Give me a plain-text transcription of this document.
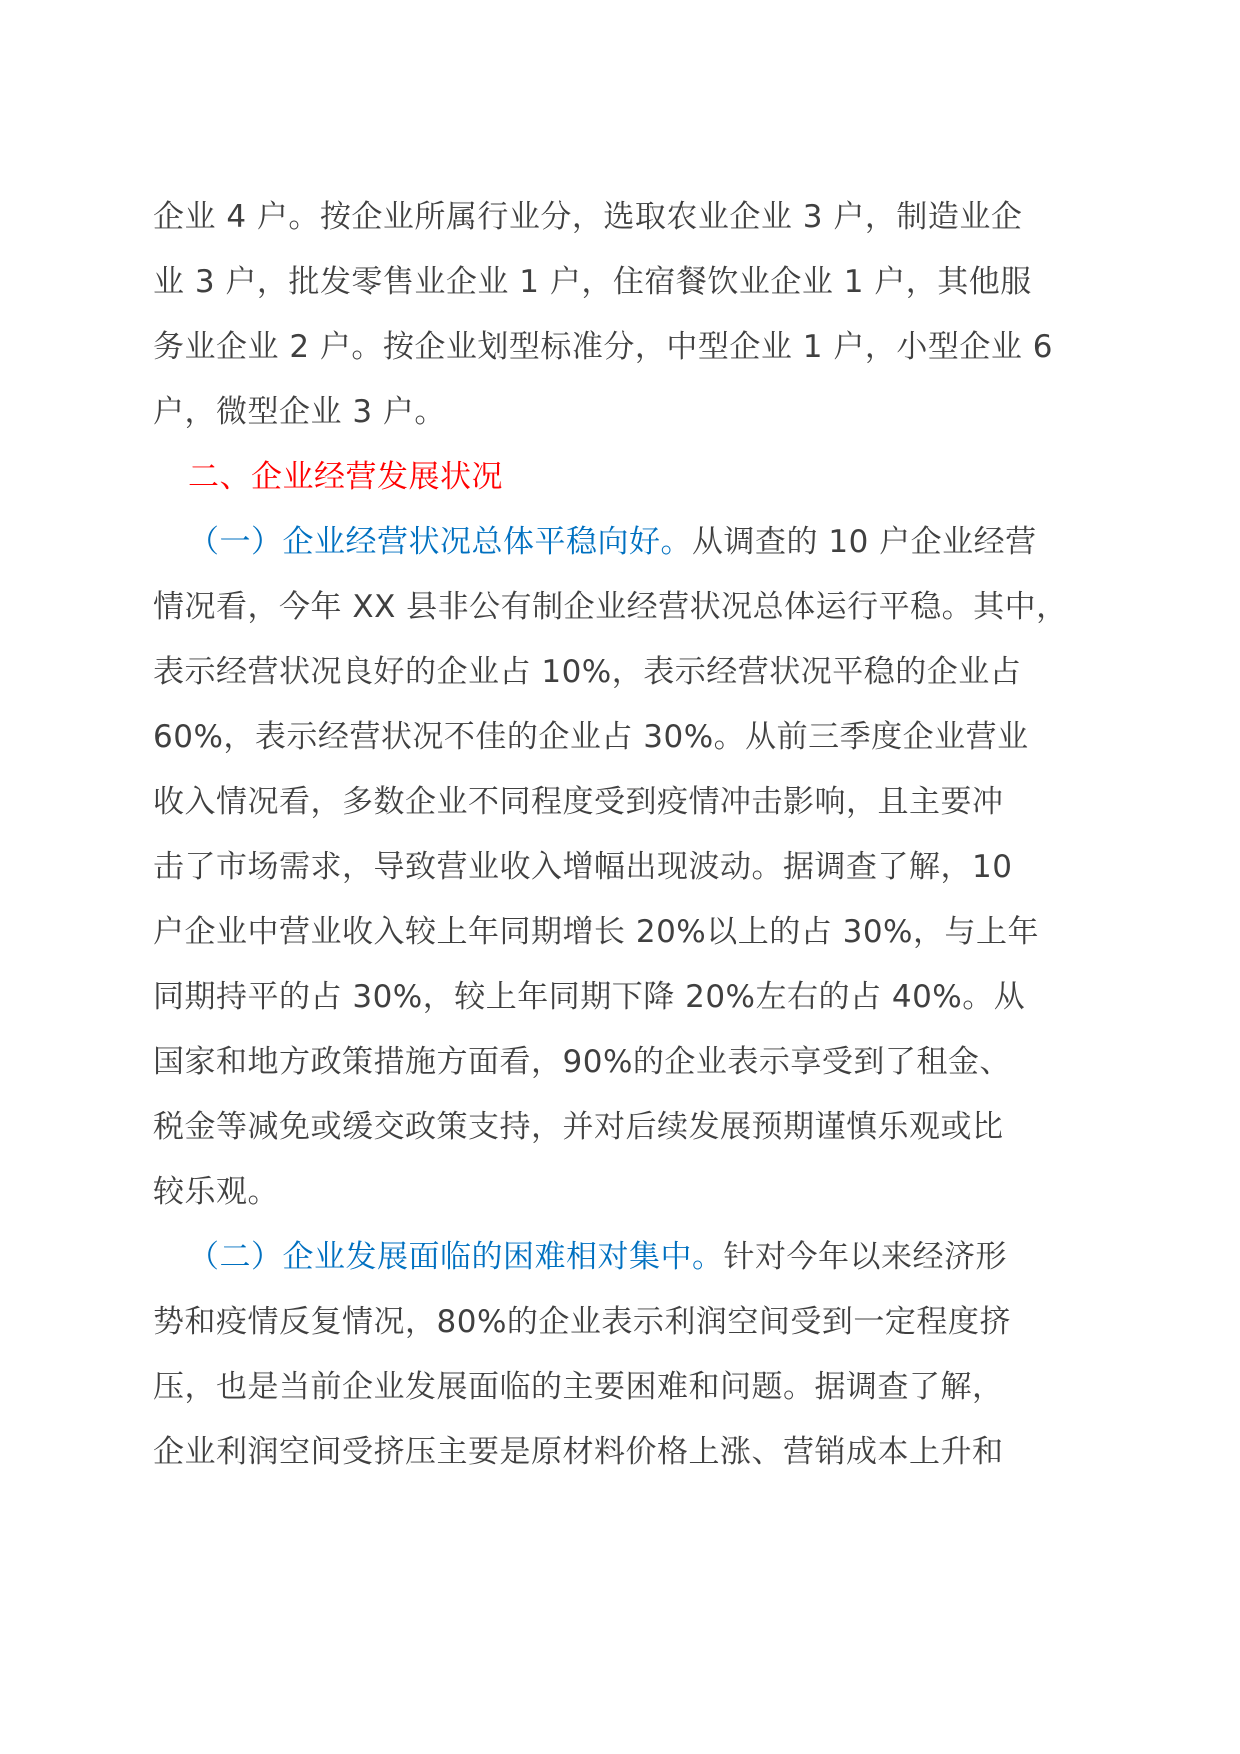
企业 4 户。按企业所属行业分，选取农业企业 3 户，制造业企
业 3 户，批发零售业企业 1 户，住宿餐饮业企业 1 户，其他服
务业企业 2 户。按企业划型标准分，中型企业 1 户，小型企业 6
户，微型企业 3 户。
二、企业经营发展状况
（一）企业经营状况总体平稳向好。从调查的 10 户企业经营
情况看，今年 XX 县非公有制企业经营状况总体运行平稳。其中，
表示经营状况良好的企业占 10%，表示经营状况平稳的企业占
60%，表示经营状况不佳的企业占 30%。从前三季度企业营业
收入情况看，多数企业不同程度受到疫情冲击影响，且主要冲
击了市场需求，导致营业收入增幅出现波动。据调查了解，10
户企业中营业收入较上年同期增长 20%以上的占 30%，与上年
同期持平的占 30%，较上年同期下降 20%左右的占 40%。从
国家和地方政策措施方面看，90%的企业表示享受到了租金、
税金等减免或缓交政策支持，并对后续发展预期谨慎乐观或比
较乐观。
（二）企业发展面临的困难相对集中。针对今年以来经济形
势和疫情反复情况，80%的企业表示利润空间受到一定程度挤
压，也是当前企业发展面临的主要困难和问题。据调查了解，
企业利润空间受挤压主要是原材料价格上涨、营销成本上升和
